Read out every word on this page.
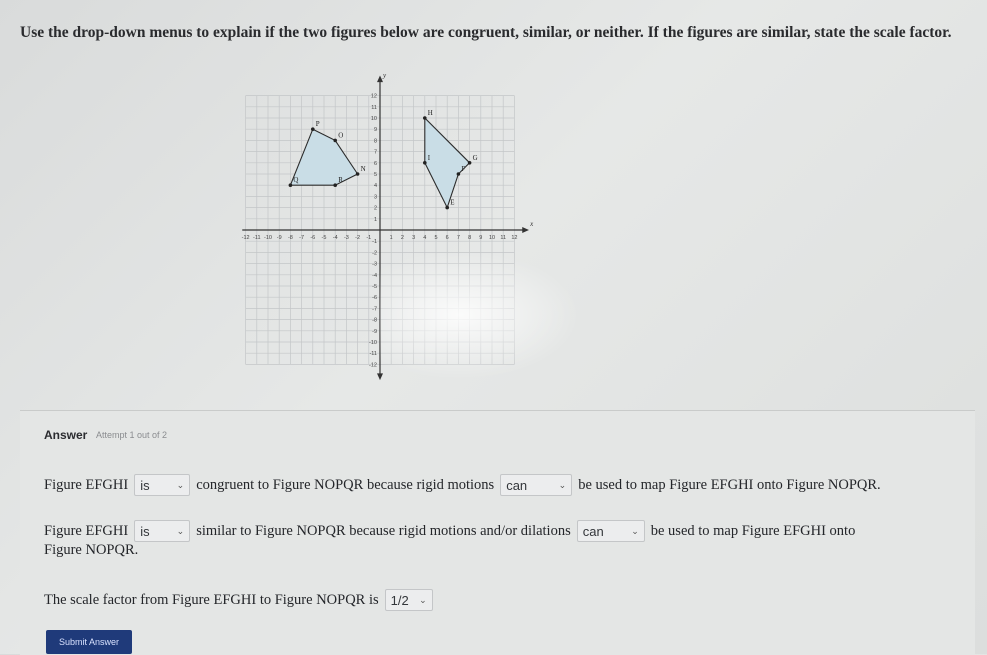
Use the drop-down menus to explain if the two figures below are congruent, similar, or neither. If the figures are similar, state the scale factor.
x
y
-12 -11 -10 -9 -8 -7 -6 -5 -4 -3 -2 -1	1 2 3 4 5 6 7 8 9 10 11 12
12
11
10
9
8
7
6
5
4
3
2
1
-1
-2
-3
-4
-5
-6
-7
-8
-9
-10
-11
-12
N
O
P
Q	R
E
F
G
H
I
Answer Attempt 1 out of 2
Figure EFGHI is	⌄ congruent to Figure NOPQR because rigid motions can	⌄ be used to map Figure EFGHI onto Figure NOPQR.
Figure EFGHI is	⌄ similar to Figure NOPQR because rigid motions and/or dilations can	⌄ be used to map Figure EFGHI onto
Figure NOPQR.
The scale factor from Figure EFGHI to Figure NOPQR is 1/2 ⌄
Submit Answer
